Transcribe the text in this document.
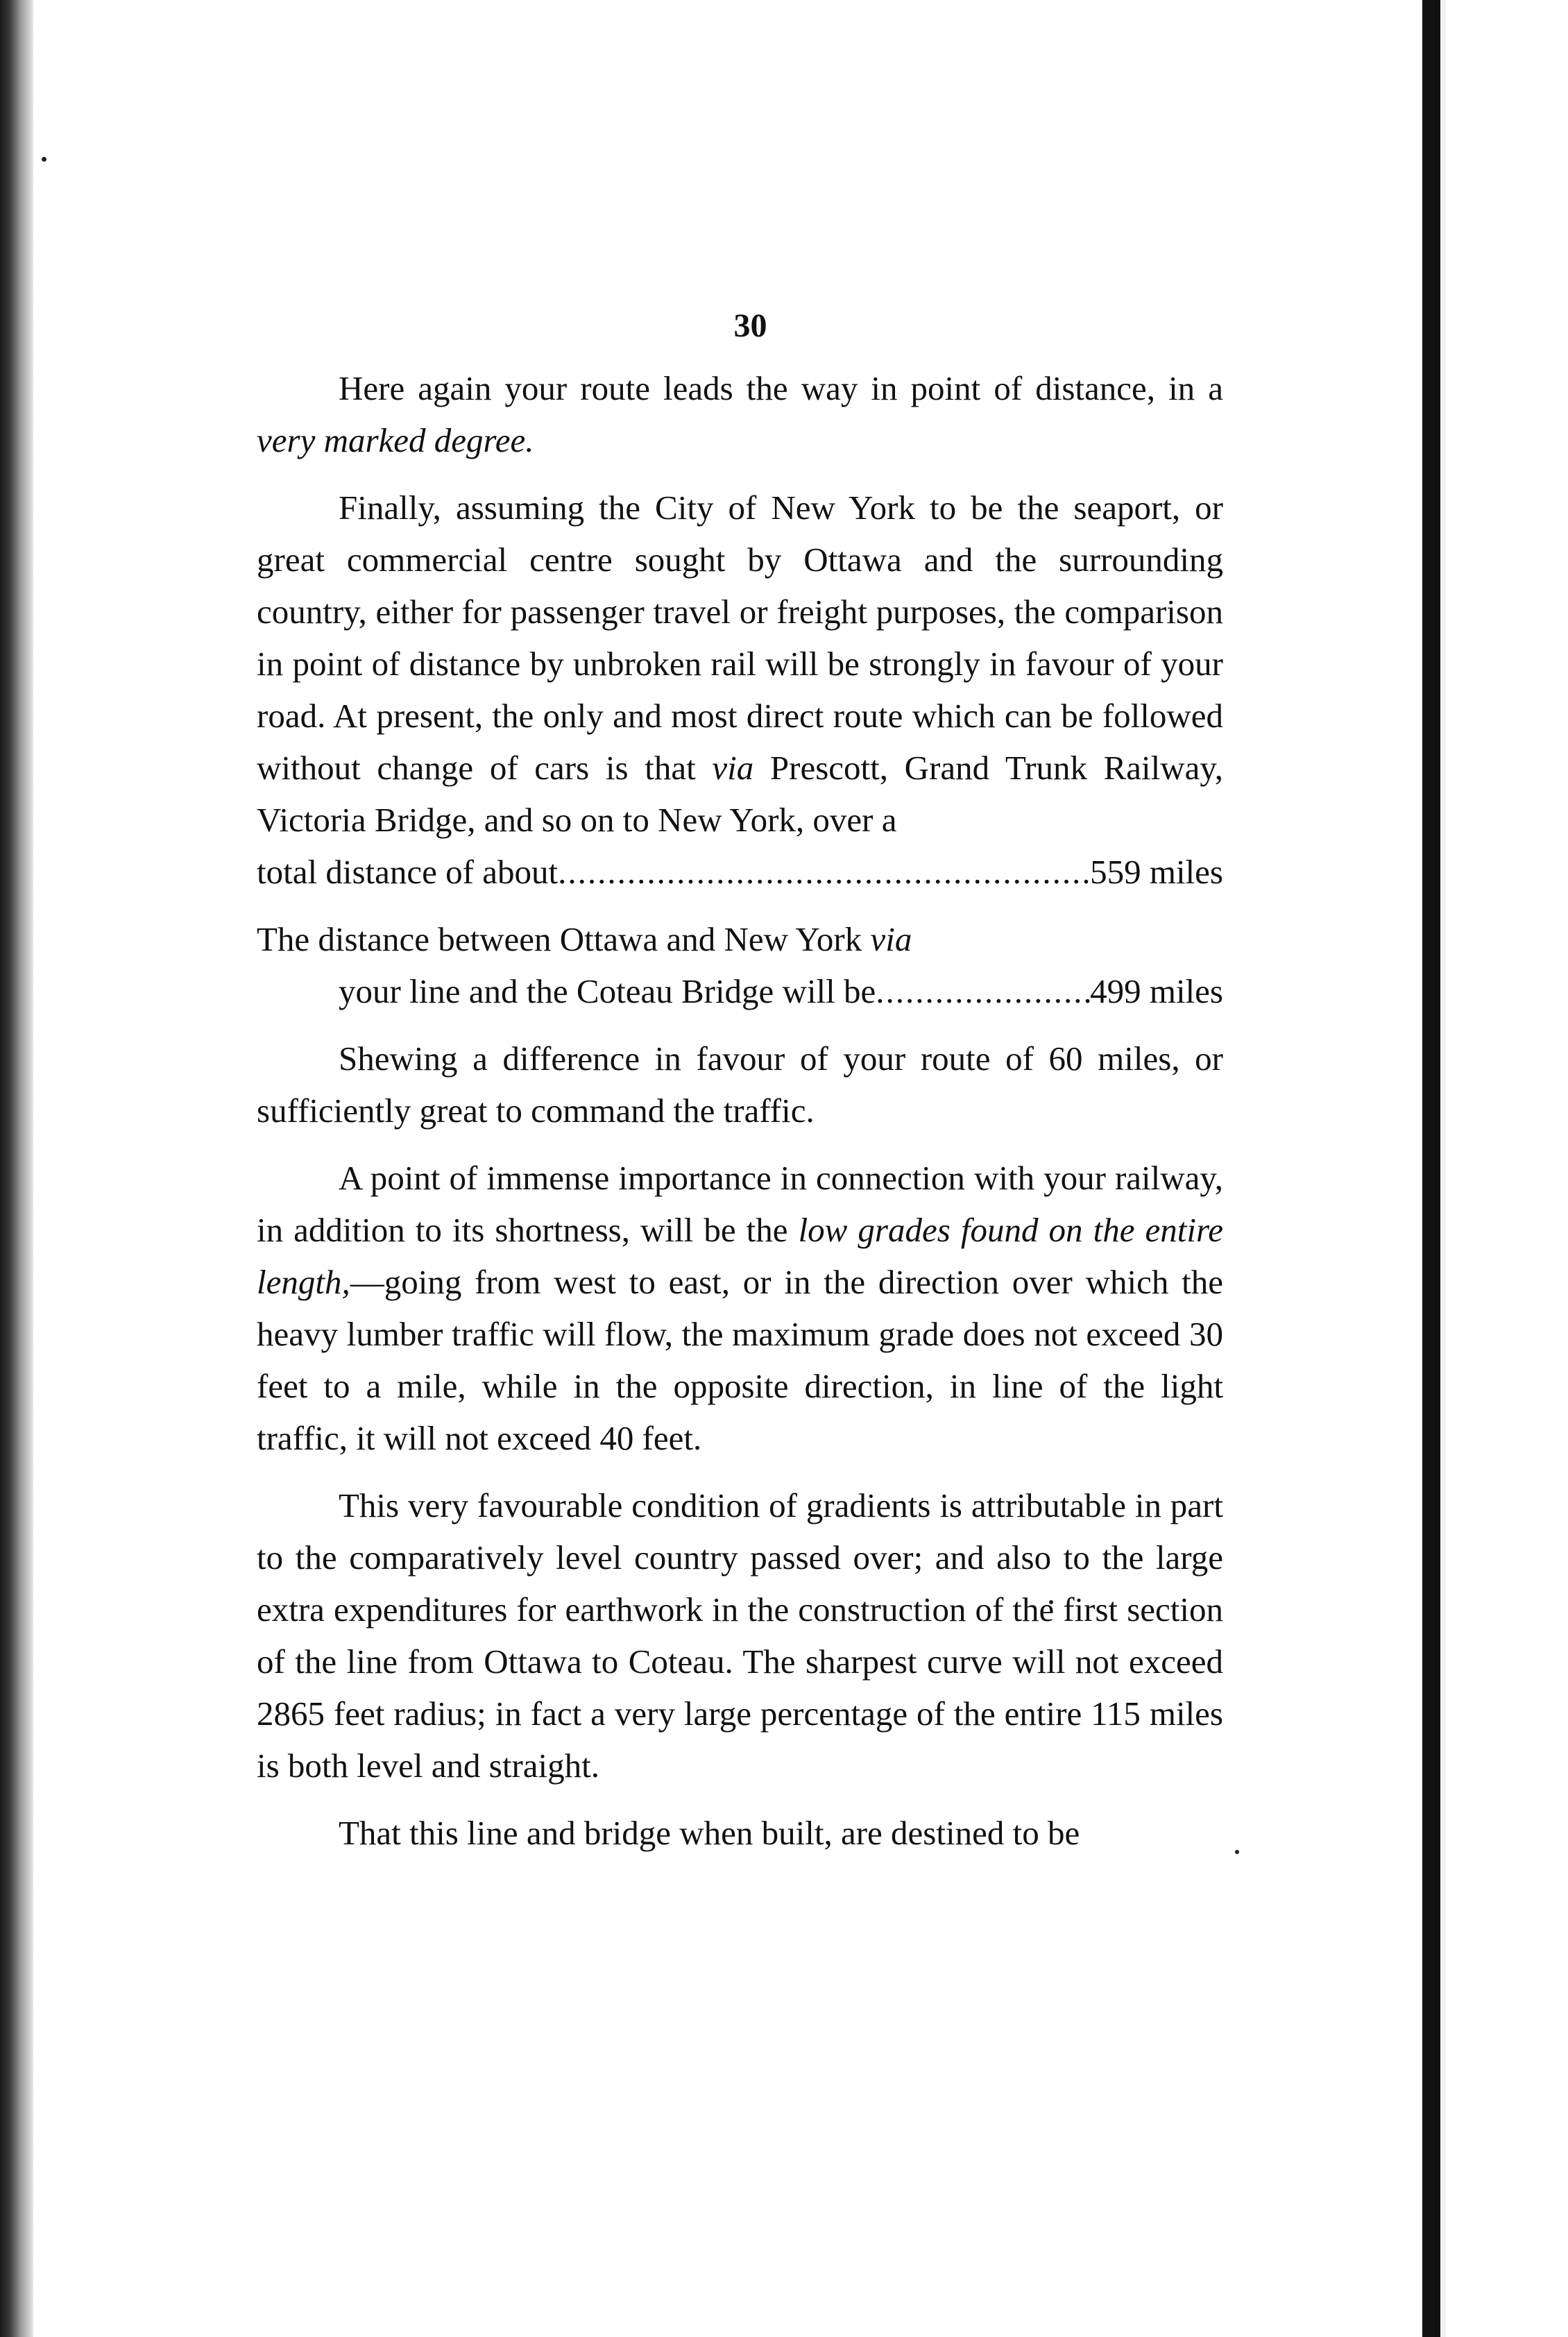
30

Here again your route leads the way in point of distance, in a very marked degree.

Finally, assuming the City of New York to be the seaport, or great commercial centre sought by Ottawa and the surrounding country, either for passenger travel or freight purposes, the comparison in point of distance by unbroken rail will be strongly in favour of your road. At present, the only and most direct route which can be followed without change of cars is that via Prescott, Grand Trunk Railway, Victoria Bridge, and so on to New York, over a

total distance of about .....	559 miles

The distance between Ottawa and New York via

your line and the Coteau Bridge will be .....	499 miles

Shewing a difference in favour of your route of 60 miles, or sufficiently great to command the traffic.

A point of immense importance in connection with your railway, in addition to its shortness, will be the low grades found on the entire length,—going from west to east, or in the direction over which the heavy lumber traffic will flow, the maximum grade does not exceed 30 feet to a mile, while in the opposite direction, in line of the light traffic, it will not exceed 40 feet.

This very favourable condition of gradients is attributable in part to the comparatively level country passed over; and also to the large extra expenditures for earthwork in the construction of the first section of the line from Ottawa to Coteau. The sharpest curve will not exceed 2865 feet radius; in fact a very large percentage of the entire 115 miles is both level and straight.

That this line and bridge when built, are destined to be
